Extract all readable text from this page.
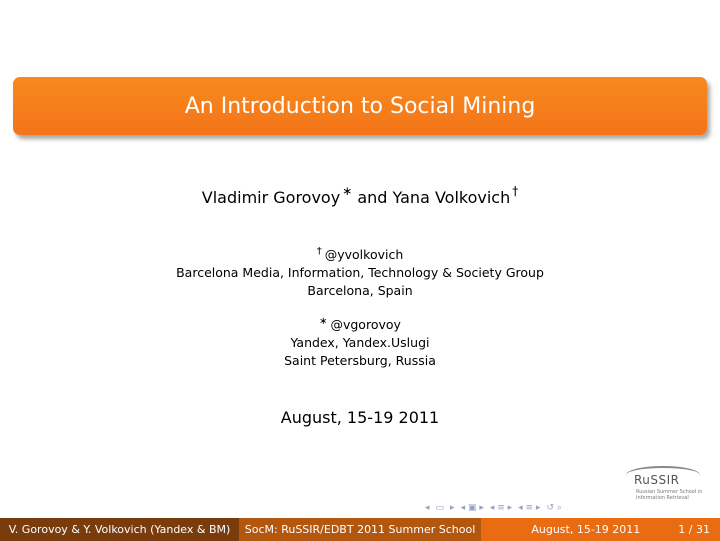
An Introduction to Social Mining
Vladimir Gorovoy ∗ and Yana Volkovich †
† @yvolkovich
Barcelona Media, Information, Technology & Society Group
Barcelona, Spain
∗ @vgorovoy
Yandex, Yandex.Uslugi
Saint Petersburg, Russia
August, 15-19 2011
RuSSIR
Russian Summer School in Information Retrieval
◂ ▭ ▸ ◂ ▣ ▸ ◂ ≡ ▸ ◂ ≡ ▸ ↺ ⌕
V. Gorovoy & Y. Volkovich (Yandex & BM)	SocM: RuSSIR/EDBT 2011 Summer School	August, 15-19 2011	1 / 31
